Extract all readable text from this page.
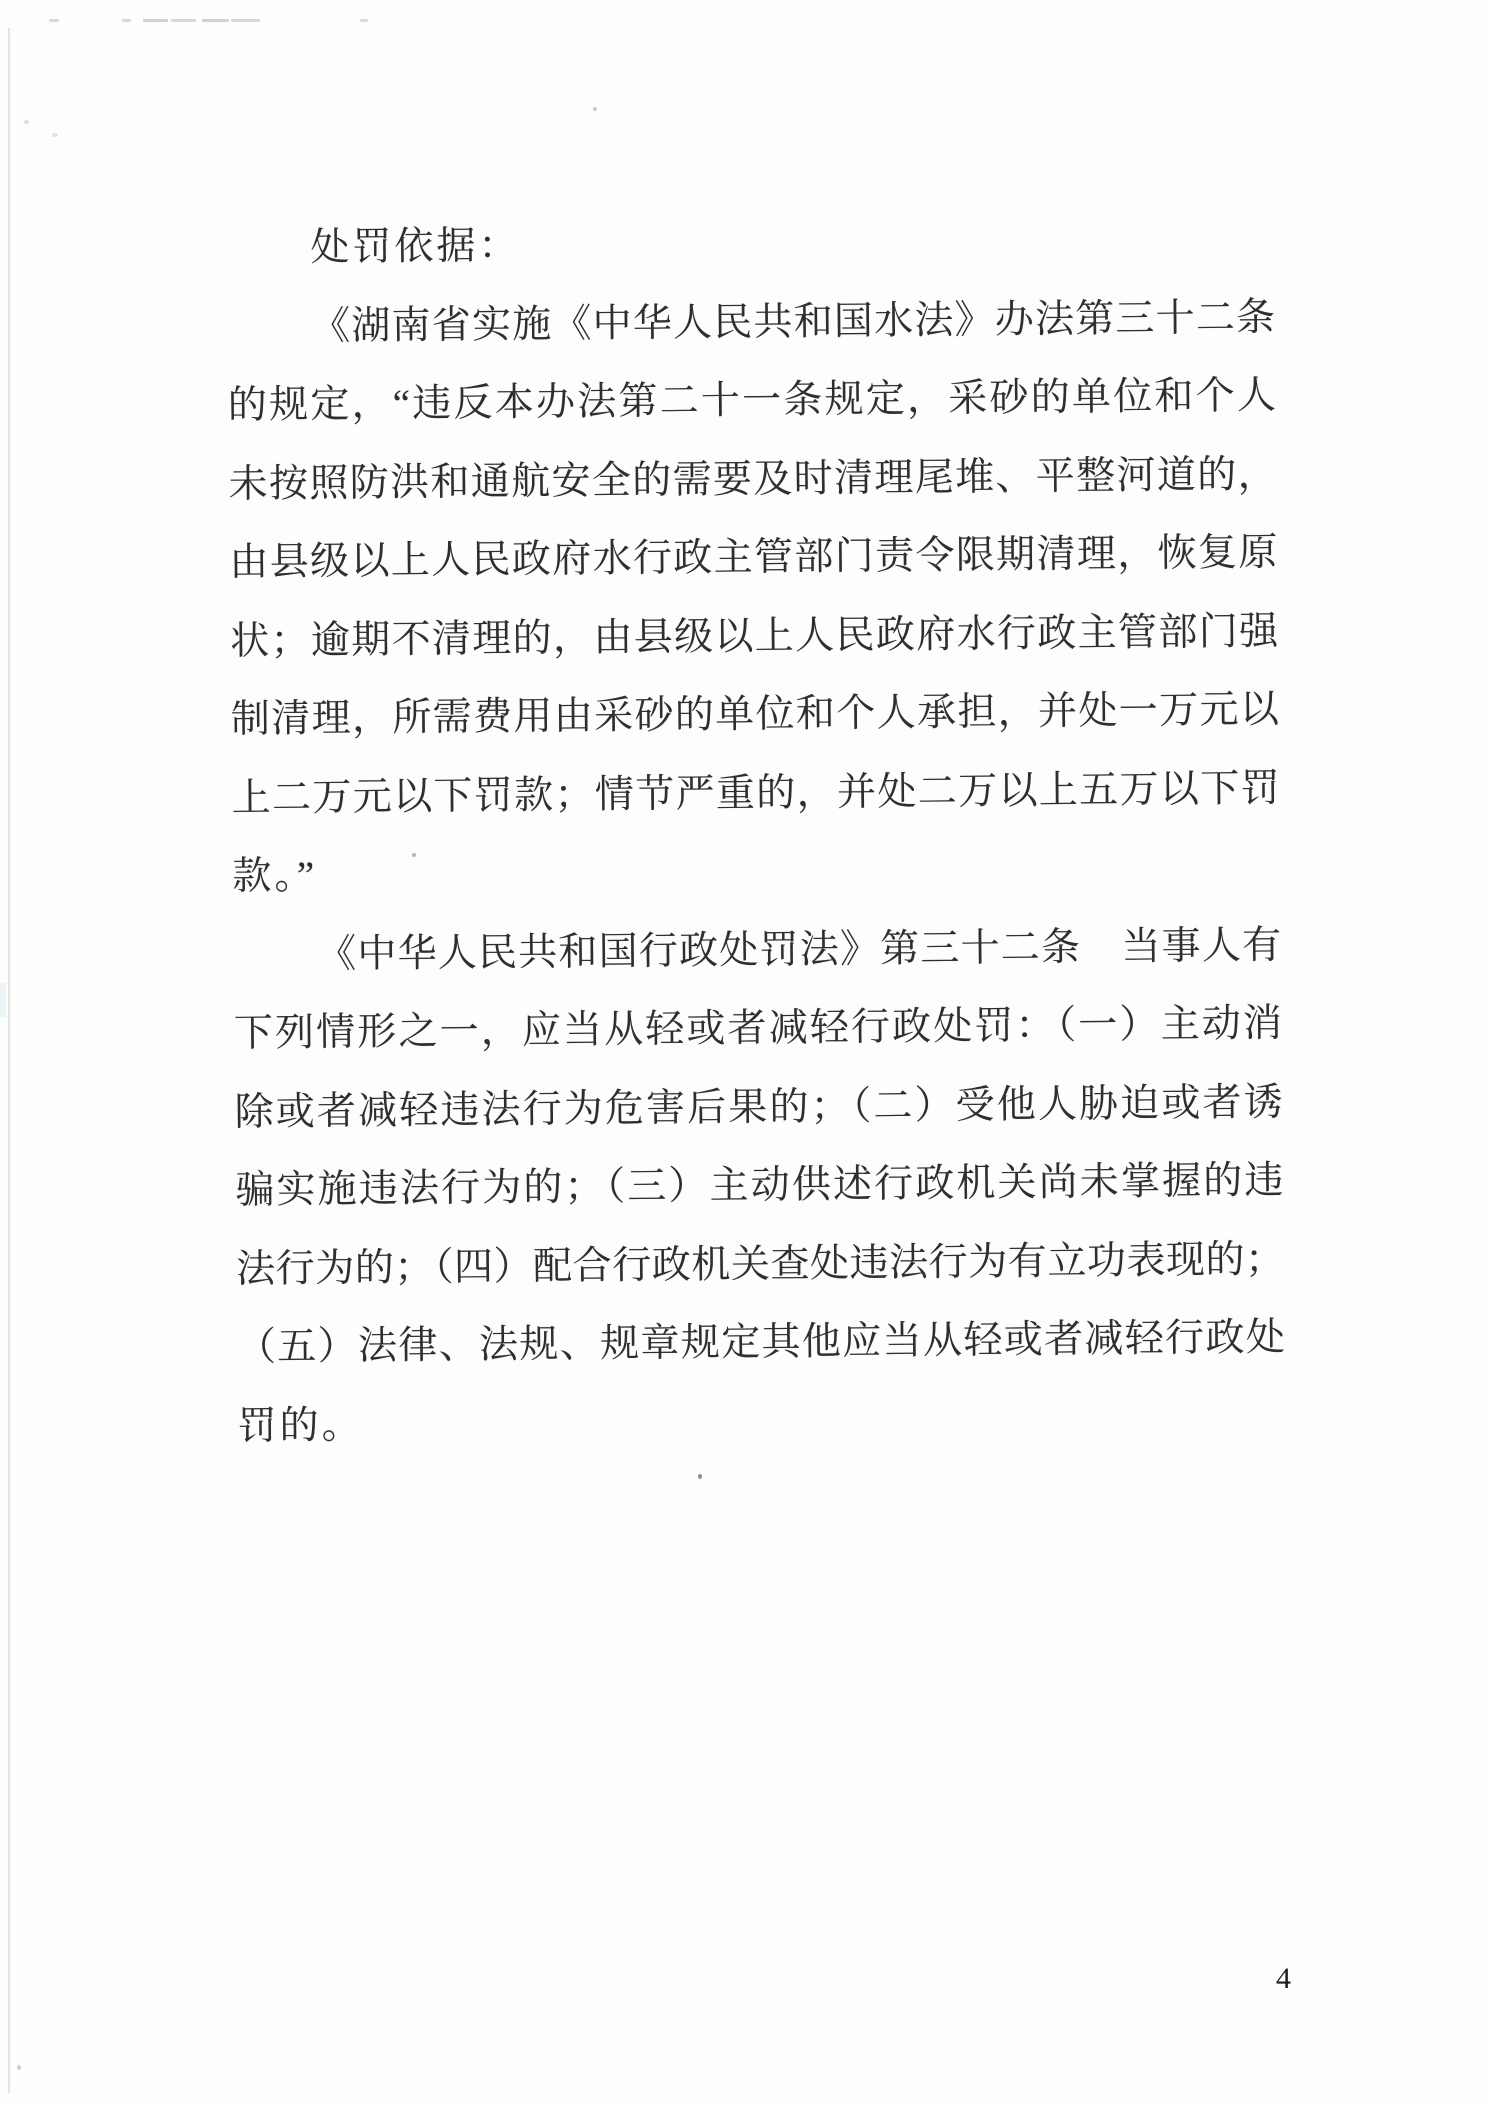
处罚依据：
《湖南省实施《中华人民共和国水法》办法第三十二条
的规定，“违反本办法第二十一条规定，采砂的单位和个人
未按照防洪和通航安全的需要及时清理尾堆、平整河道的，
由县级以上人民政府水行政主管部门责令限期清理，恢复原
状；逾期不清理的，由县级以上人民政府水行政主管部门强
制清理，所需费用由采砂的单位和个人承担，并处一万元以
上二万元以下罚款；情节严重的，并处二万以上五万以下罚
款。”
《中华人民共和国行政处罚法》第三十二条　当事人有
下列情形之一，应当从轻或者减轻行政处罚：（一）主动消
除或者减轻违法行为危害后果的；（二）受他人胁迫或者诱
骗实施违法行为的；（三）主动供述行政机关尚未掌握的违
法行为的；（四）配合行政机关查处违法行为有立功表现的；
（五）法律、法规、规章规定其他应当从轻或者减轻行政处
罚的。
4
